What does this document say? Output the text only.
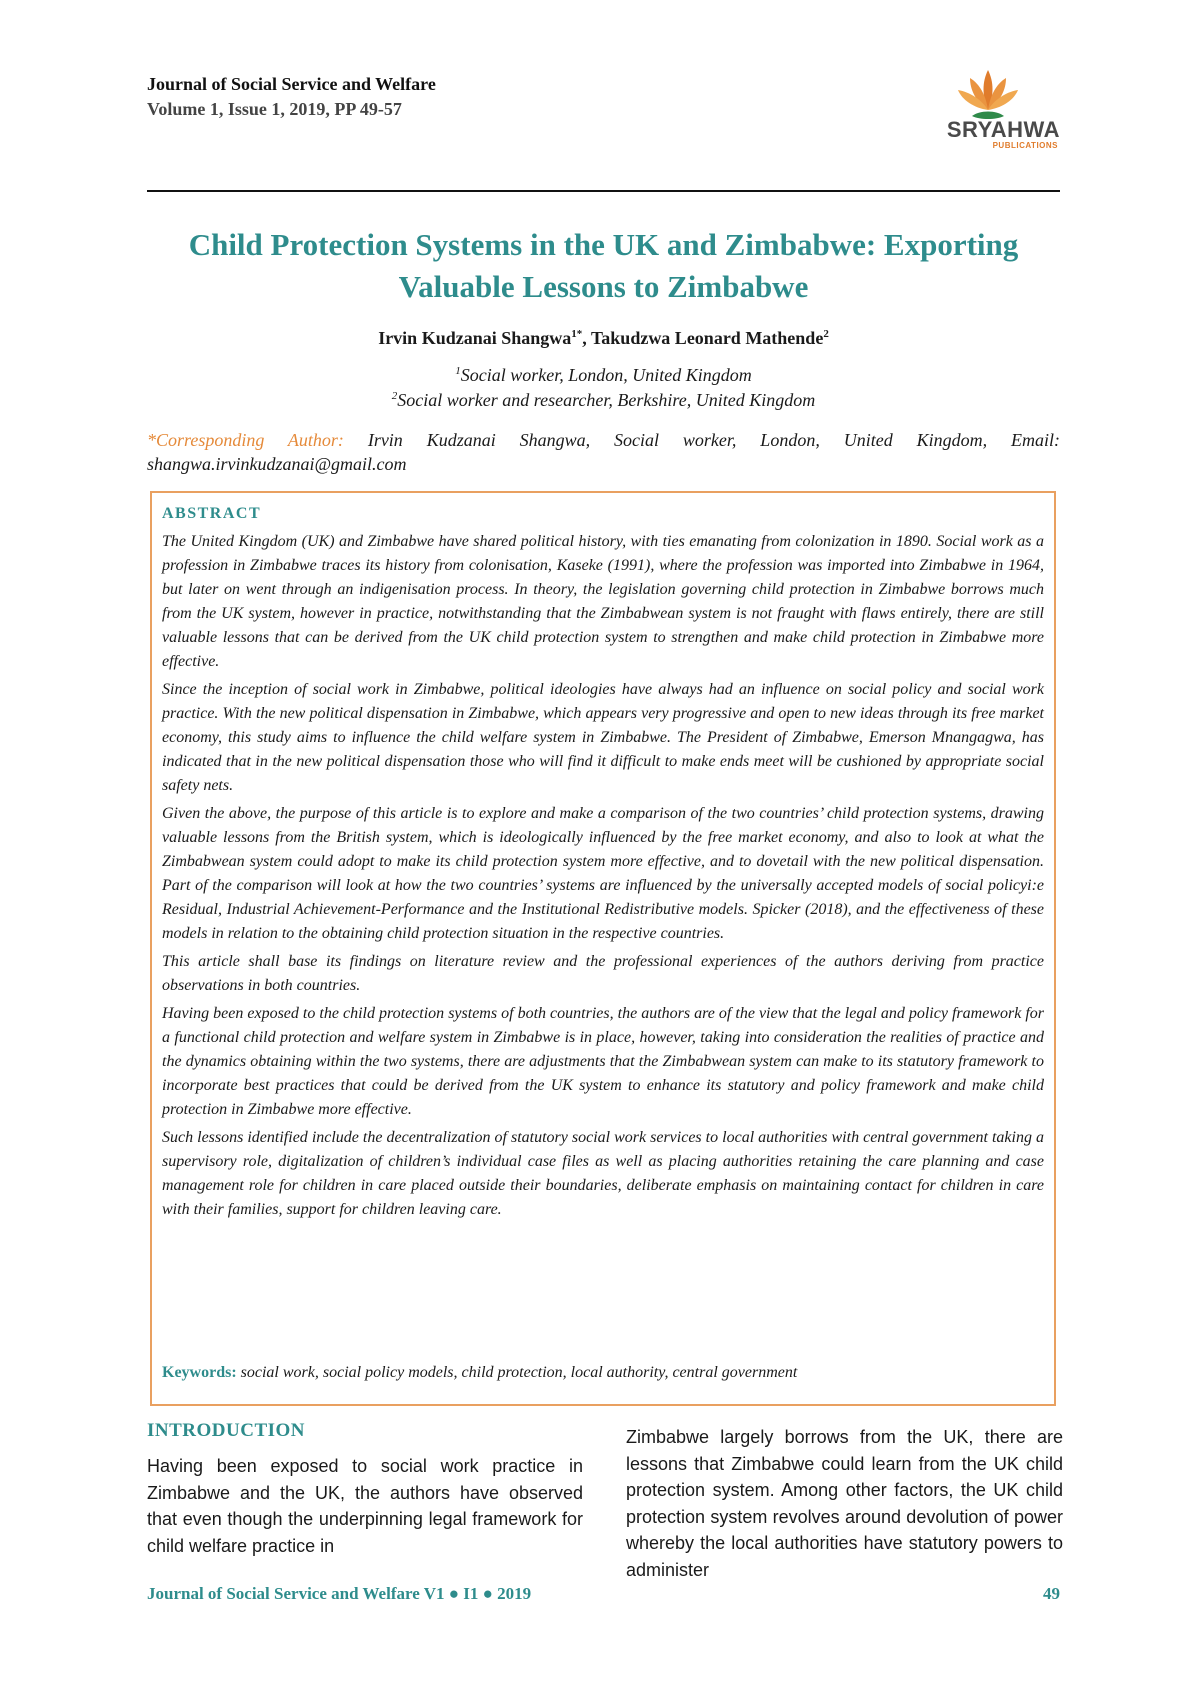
Journal of Social Service and Welfare
Volume 1, Issue 1, 2019, PP 49-57
SRYAHWA
PUBLICATIONS
Child Protection Systems in the UK and Zimbabwe: Exporting
Valuable Lessons to Zimbabwe
Irvin Kudzanai Shangwa$^{1*}$, Takudzwa Leonard Mathende$^2$
$^1$Social worker, London, United Kingdom
$^2$Social worker and researcher, Berkshire, United Kingdom
*Corresponding Author: Irvin Kudzanai Shangwa, Social worker, London, United Kingdom, Email: shangwa.irvinkudzanai@gmail.com
ABSTRACT

The United Kingdom (UK) and Zimbabwe have shared political history, with ties emanating from colonization in 1890. Social work as a profession in Zimbabwe traces its history from colonisation, Kaseke (1991), where the profession was imported into Zimbabwe in 1964, but later on went through an indigenisation process. In theory, the legislation governing child protection in Zimbabwe borrows much from the UK system, however in practice, notwithstanding that the Zimbabwean system is not fraught with flaws entirely, there are still valuable lessons that can be derived from the UK child protection system to strengthen and make child protection in Zimbabwe more effective.

Since the inception of social work in Zimbabwe, political ideologies have always had an influence on social policy and social work practice. With the new political dispensation in Zimbabwe, which appears very progressive and open to new ideas through its free market economy, this study aims to influence the child welfare system in Zimbabwe. The President of Zimbabwe, Emerson Mnangagwa, has indicated that in the new political dispensation those who will find it difficult to make ends meet will be cushioned by appropriate social safety nets.

Given the above, the purpose of this article is to explore and make a comparison of the two countries’ child protection systems, drawing valuable lessons from the British system, which is ideologically influenced by the free market economy, and also to look at what the Zimbabwean system could adopt to make its child protection system more effective, and to dovetail with the new political dispensation. Part of the comparison will look at how the two countries’ systems are influenced by the universally accepted models of social policyi:e Residual, Industrial Achievement-Performance and the Institutional Redistributive models. Spicker (2018), and the effectiveness of these models in relation to the obtaining child protection situation in the respective countries.

This article shall base its findings on literature review and the professional experiences of the authors deriving from practice observations in both countries.

Having been exposed to the child protection systems of both countries, the authors are of the view that the legal and policy framework for a functional child protection and welfare system in Zimbabwe is in place, however, taking into consideration the realities of practice and the dynamics obtaining within the two systems, there are adjustments that the Zimbabwean system can make to its statutory framework to incorporate best practices that could be derived from the UK system to enhance its statutory and policy framework and make child protection in Zimbabwe more effective.

Such lessons identified include the decentralization of statutory social work services to local authorities with central government taking a supervisory role, digitalization of children’s individual case files as well as placing authorities retaining the care planning and case management role for children in care placed outside their boundaries, deliberate emphasis on maintaining contact for children in care with their families, support for children leaving care.

Keywords: social work, social policy models, child protection, local authority, central government
INTRODUCTION
Having been exposed to social work practice in Zimbabwe and the UK, the authors have observed that even though the underpinning legal framework for child welfare practice in
Zimbabwe largely borrows from the UK, there are lessons that Zimbabwe could learn from the UK child protection system. Among other factors, the UK child protection system revolves around devolution of power whereby the local authorities have statutory powers to administer
Journal of Social Service and Welfare V1 ● I1 ● 2019	49
